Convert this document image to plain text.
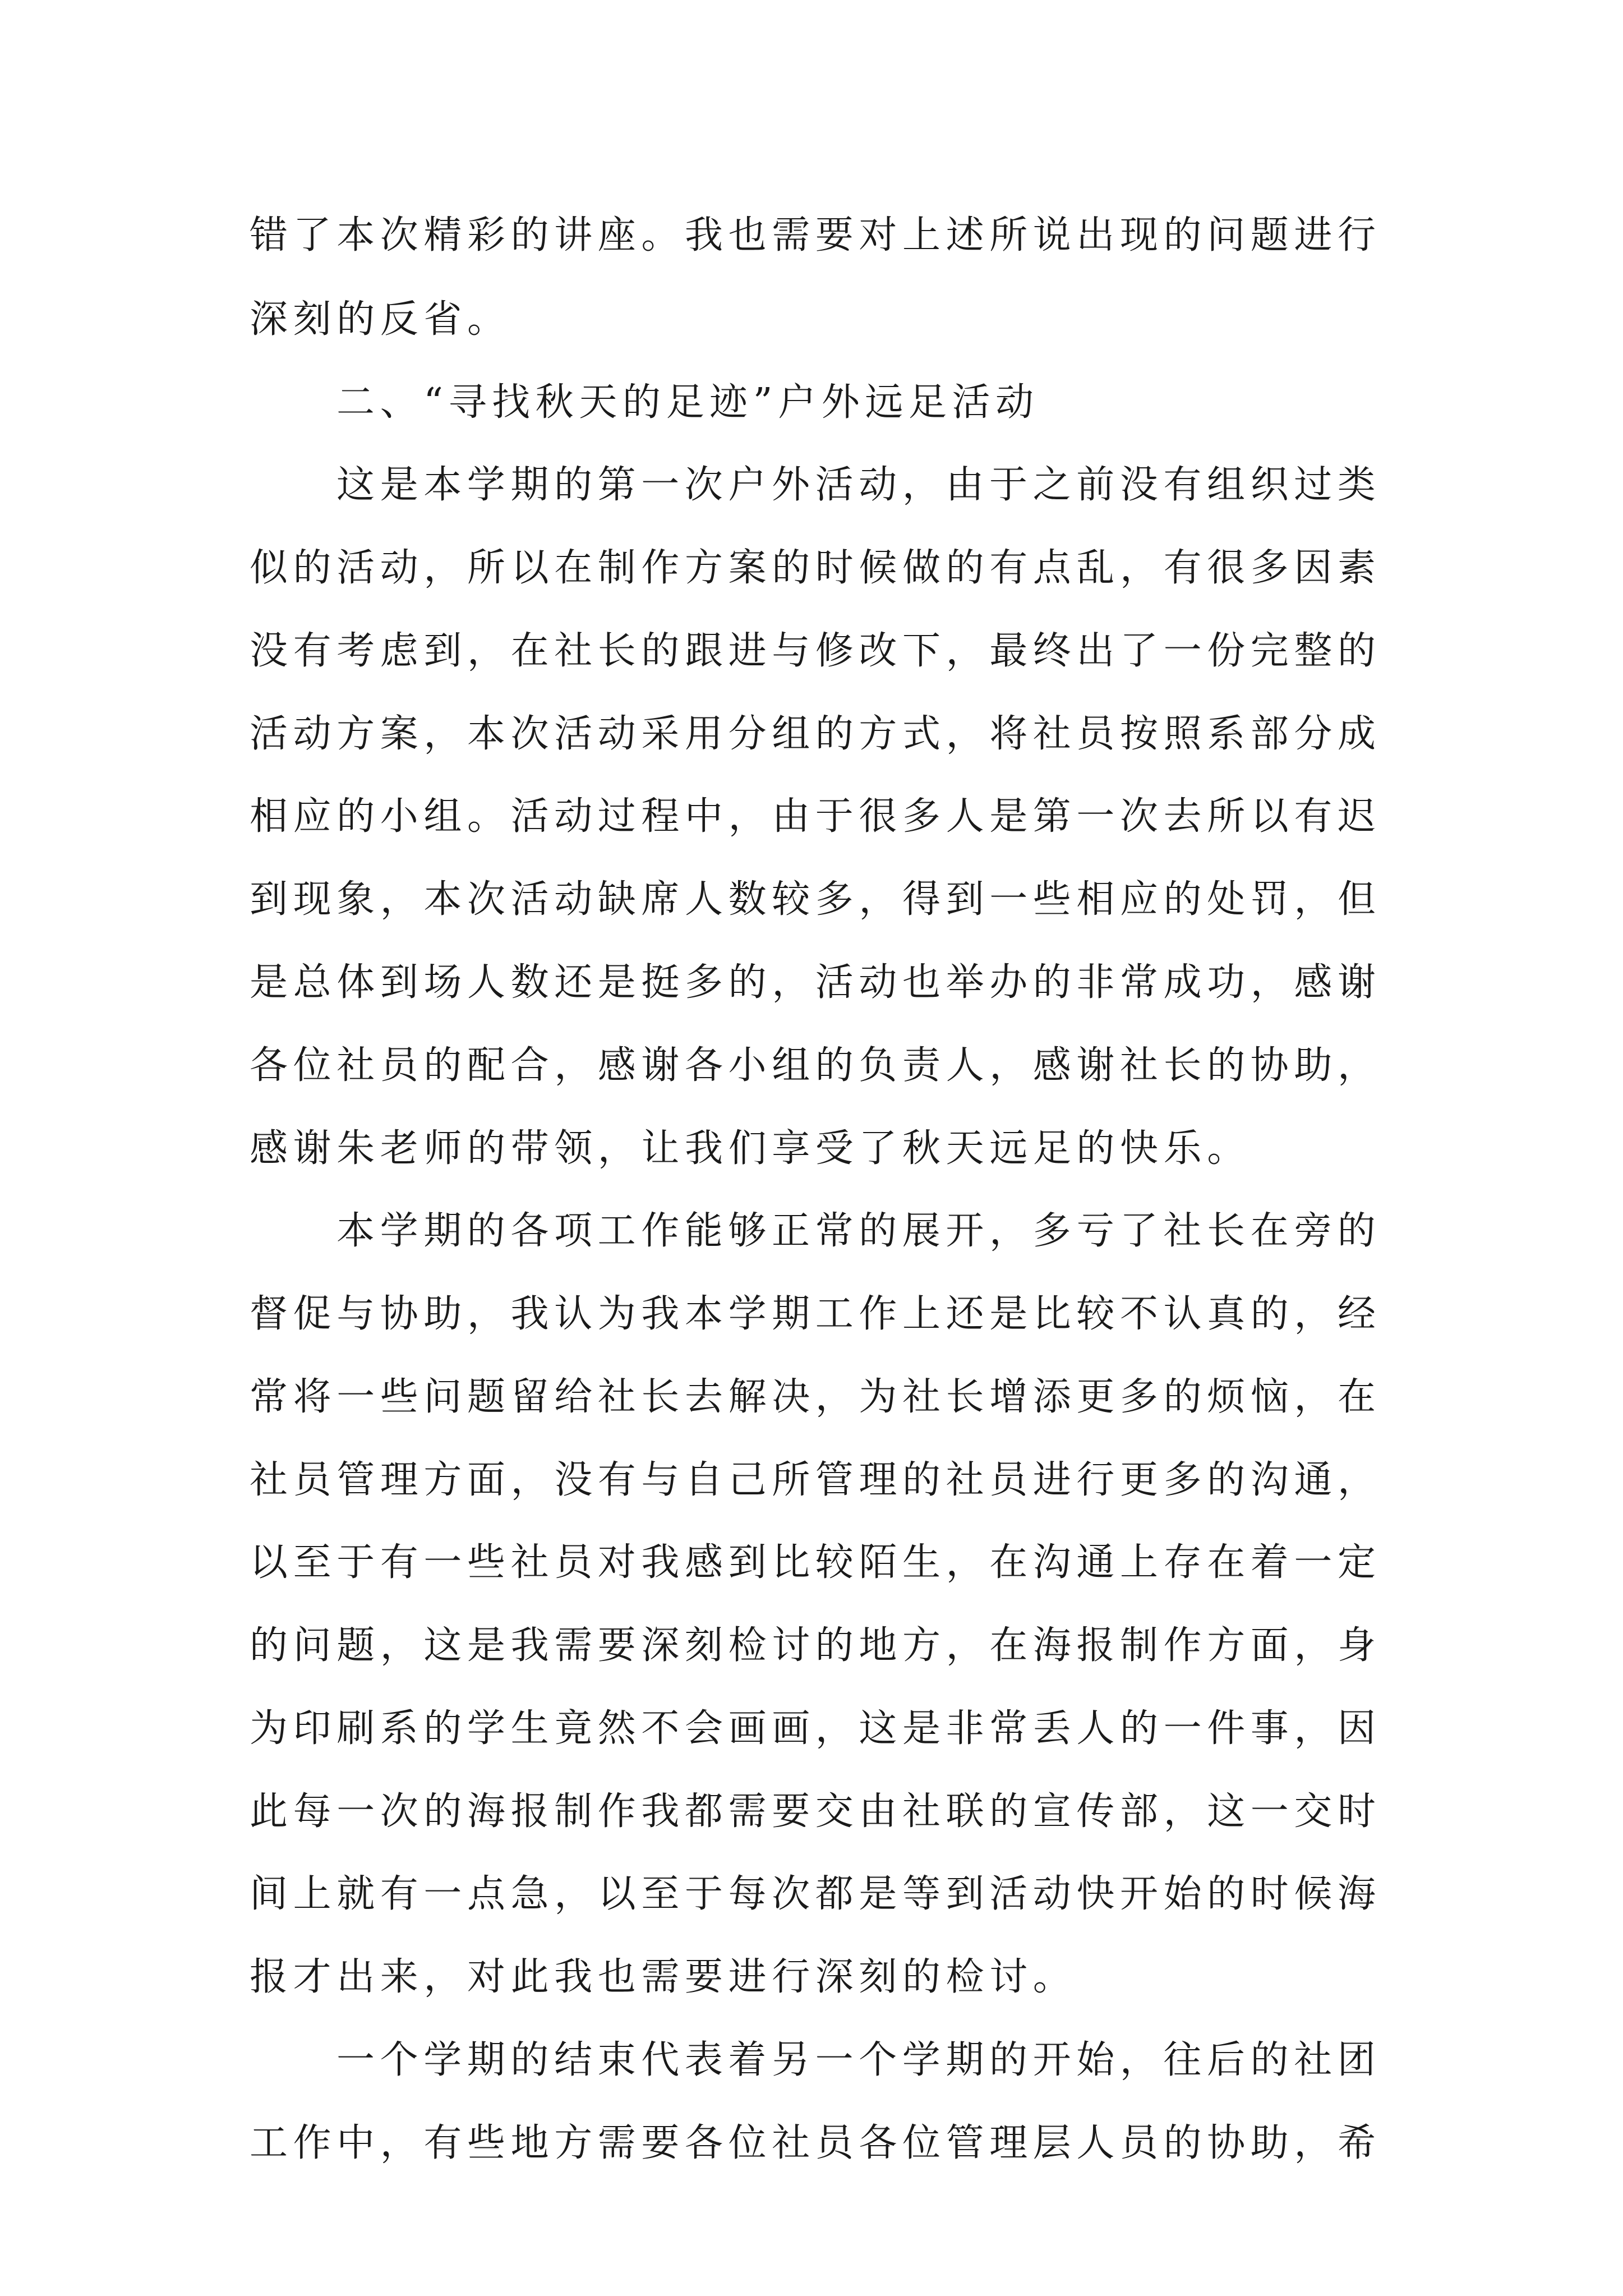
错了本次精彩的讲座。我也需要对上述所说出现的问题进行
深刻的反省。
二、“寻找秋天的足迹”户外远足活动
这是本学期的第一次户外活动，由于之前没有组织过类
似的活动，所以在制作方案的时候做的有点乱，有很多因素
没有考虑到，在社长的跟进与修改下，最终出了一份完整的
活动方案，本次活动采用分组的方式，将社员按照系部分成
相应的小组。活动过程中，由于很多人是第一次去所以有迟
到现象，本次活动缺席人数较多，得到一些相应的处罚，但
是总体到场人数还是挺多的，活动也举办的非常成功，感谢
各位社员的配合，感谢各小组的负责人，感谢社长的协助，
感谢朱老师的带领，让我们享受了秋天远足的快乐。
本学期的各项工作能够正常的展开，多亏了社长在旁的
督促与协助，我认为我本学期工作上还是比较不认真的，经
常将一些问题留给社长去解决，为社长增添更多的烦恼，在
社员管理方面，没有与自己所管理的社员进行更多的沟通，
以至于有一些社员对我感到比较陌生，在沟通上存在着一定
的问题，这是我需要深刻检讨的地方，在海报制作方面，身
为印刷系的学生竟然不会画画，这是非常丢人的一件事，因
此每一次的海报制作我都需要交由社联的宣传部，这一交时
间上就有一点急，以至于每次都是等到活动快开始的时候海
报才出来，对此我也需要进行深刻的检讨。
一个学期的结束代表着另一个学期的开始，往后的社团
工作中，有些地方需要各位社员各位管理层人员的协助，希
